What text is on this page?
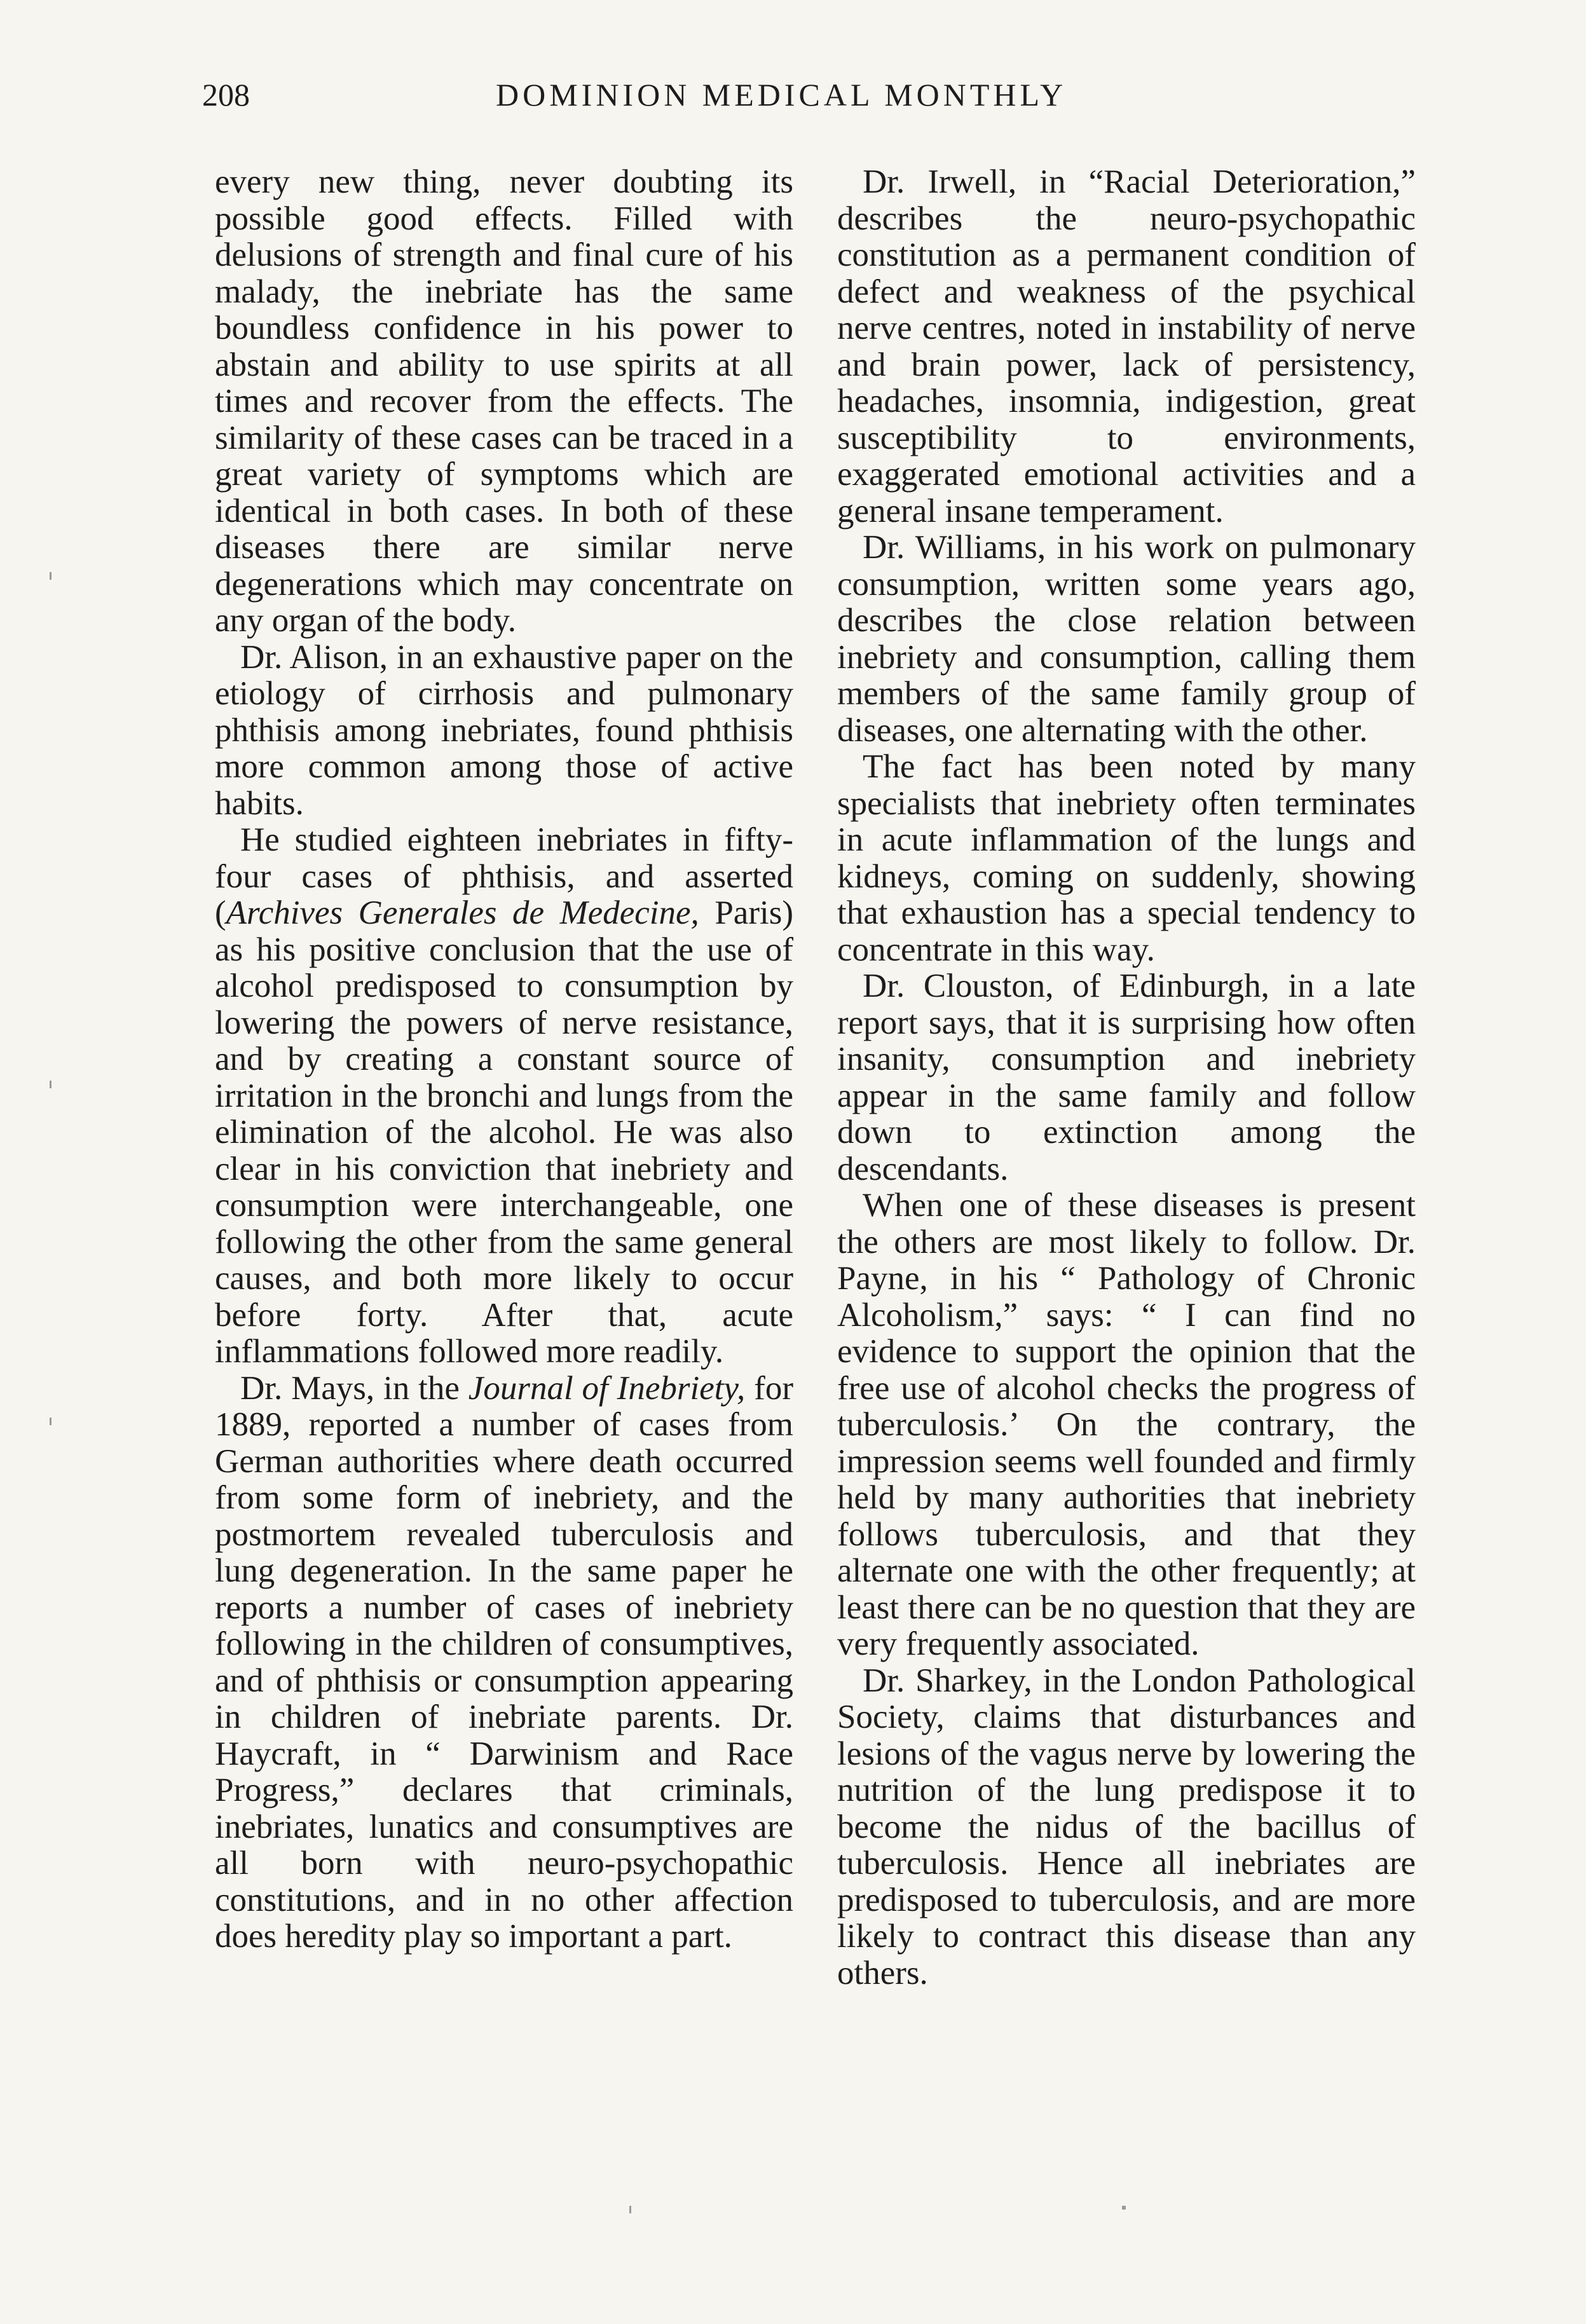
208	DOMINION MEDICAL MONTHLY

every new thing, never doubting its possible good effects. Filled with delusions of strength and final cure of his malady, the inebriate has the same boundless confidence in his power to abstain and ability to use spirits at all times and recover from the effects. The similarity of these cases can be traced in a great variety of symptoms which are identical in both cases. In both of these diseases there are similar nerve degenerations which may concentrate on any organ of the body.

Dr. Alison, in an exhaustive paper on the etiology of cirrhosis and pulmonary phthisis among inebriates, found phthisis more common among those of active habits.

He studied eighteen inebriates in fifty-four cases of phthisis, and asserted (Archives Generales de Medecine, Paris) as his positive conclusion that the use of alcohol predisposed to consumption by lowering the powers of nerve resistance, and by creating a constant source of irritation in the bronchi and lungs from the elimination of the alcohol. He was also clear in his conviction that inebriety and consumption were interchangeable, one following the other from the same general causes, and both more likely to occur before forty. After that, acute inflammations followed more readily.

Dr. Mays, in the Journal of Inebriety, for 1889, reported a number of cases from German authorities where death occurred from some form of inebriety, and the postmortem revealed tuberculosis and lung degeneration. In the same paper he reports a number of cases of inebriety following in the children of consumptives, and of phthisis or consumption appearing in children of inebriate parents. Dr. Haycraft, in “ Darwinism and Race Progress,” declares that criminals, inebriates, lunatics and consumptives are all born with neuro-psychopathic constitutions, and in no other affection does heredity play so important a part.

Dr. Irwell, in “Racial Deterioration,” describes the neuro-psychopathic constitution as a permanent condition of defect and weakness of the psychical nerve centres, noted in instability of nerve and brain power, lack of persistency, headaches, insomnia, indigestion, great susceptibility to environments, exaggerated emotional activities and a general insane temperament.

Dr. Williams, in his work on pulmonary consumption, written some years ago, describes the close relation between inebriety and consumption, calling them members of the same family group of diseases, one alternating with the other.

The fact has been noted by many specialists that inebriety often terminates in acute inflammation of the lungs and kidneys, coming on suddenly, showing that exhaustion has a special tendency to concentrate in this way.

Dr. Clouston, of Edinburgh, in a late report says, that it is surprising how often insanity, consumption and inebriety appear in the same family and follow down to extinction among the descendants.

When one of these diseases is present the others are most likely to follow. Dr. Payne, in his “ Pathology of Chronic Alcoholism,” says: “ I can find no evidence to support the opinion that the free use of alcohol checks the progress of tuberculosis.’ On the contrary, the impression seems well founded and firmly held by many authorities that inebriety follows tuberculosis, and that they alternate one with the other frequently; at least there can be no question that they are very frequently associated.

Dr. Sharkey, in the London Pathological Society, claims that disturbances and lesions of the vagus nerve by lowering the nutrition of the lung predispose it to become the nidus of the bacillus of tuberculosis. Hence all inebriates are predisposed to tuberculosis, and are more likely to contract this disease than any others.
